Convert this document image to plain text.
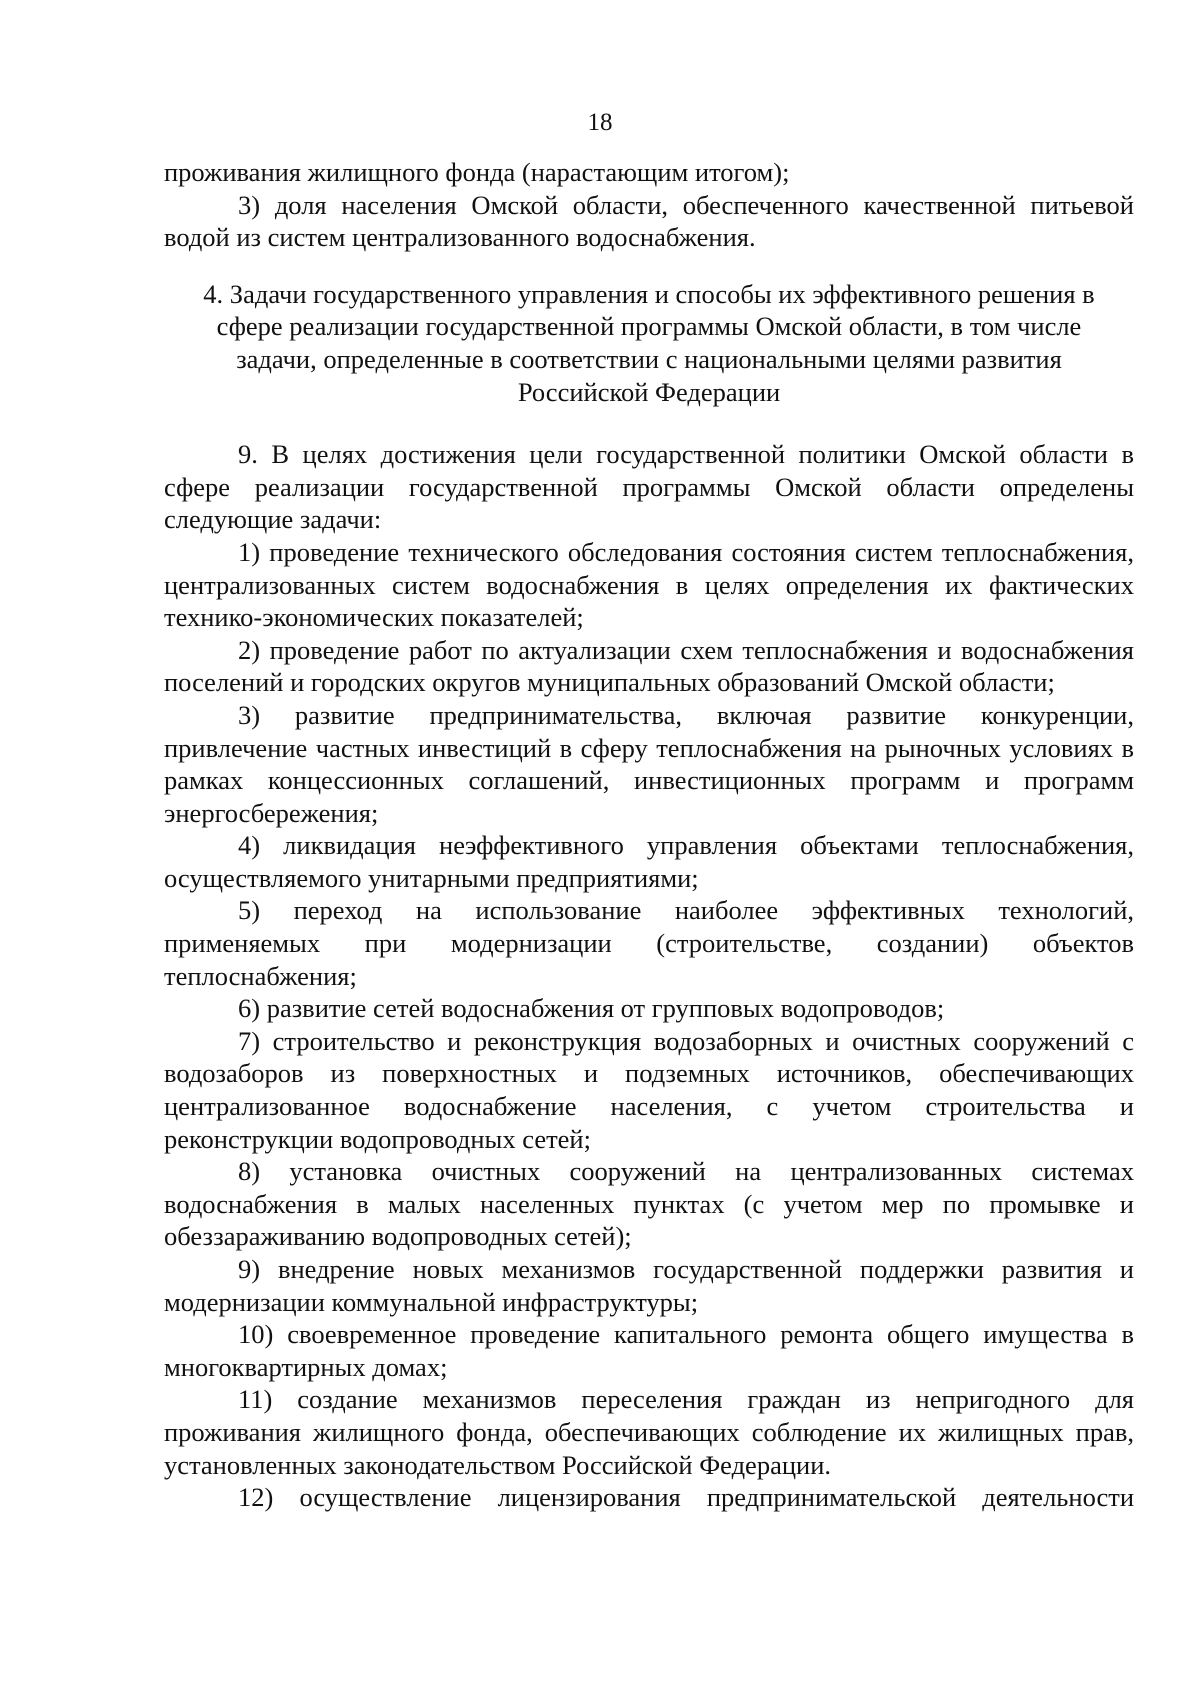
18

проживания жилищного фонда (нарастающим итогом);

3) доля населения Омской области, обеспеченного качественной питьевой водой из систем централизованного водоснабжения.

4. Задачи государственного управления и способы их эффективного решения в сфере реализации государственной программы Омской области, в том числе задачи, определенные в соответствии с национальными целями развития Российской Федерации

9. В целях достижения цели государственной политики Омской области в сфере реализации государственной программы Омской области определены следующие задачи:

1) проведение технического обследования состояния систем теплоснабжения, централизованных систем водоснабжения в целях определения их фактических технико-экономических показателей;

2) проведение работ по актуализации схем теплоснабжения и водоснабжения поселений и городских округов муниципальных образований Омской области;

3) развитие предпринимательства, включая развитие конкуренции, привлечение частных инвестиций в сферу теплоснабжения на рыночных условиях в рамках концессионных соглашений, инвестиционных программ и программ энергосбережения;

4) ликвидация неэффективного управления объектами теплоснабжения, осуществляемого унитарными предприятиями;

5) переход на использование наиболее эффективных технологий, применяемых при модернизации (строительстве, создании) объектов теплоснабжения;

6) развитие сетей водоснабжения от групповых водопроводов;

7) строительство и реконструкция водозаборных и очистных сооружений с водозаборов из поверхностных и подземных источников, обеспечивающих централизованное водоснабжение населения, с учетом строительства и реконструкции водопроводных сетей;

8) установка очистных сооружений на централизованных системах водоснабжения в малых населенных пунктах (с учетом мер по промывке и обеззараживанию водопроводных сетей);

9) внедрение новых механизмов государственной поддержки развития и модернизации коммунальной инфраструктуры;

10) своевременное проведение капитального ремонта общего имущества в многоквартирных домах;

11) создание механизмов переселения граждан из непригодного для проживания жилищного фонда, обеспечивающих соблюдение их жилищных прав, установленных законодательством Российской Федерации.

12) осуществление лицензирования предпринимательской деятельности
